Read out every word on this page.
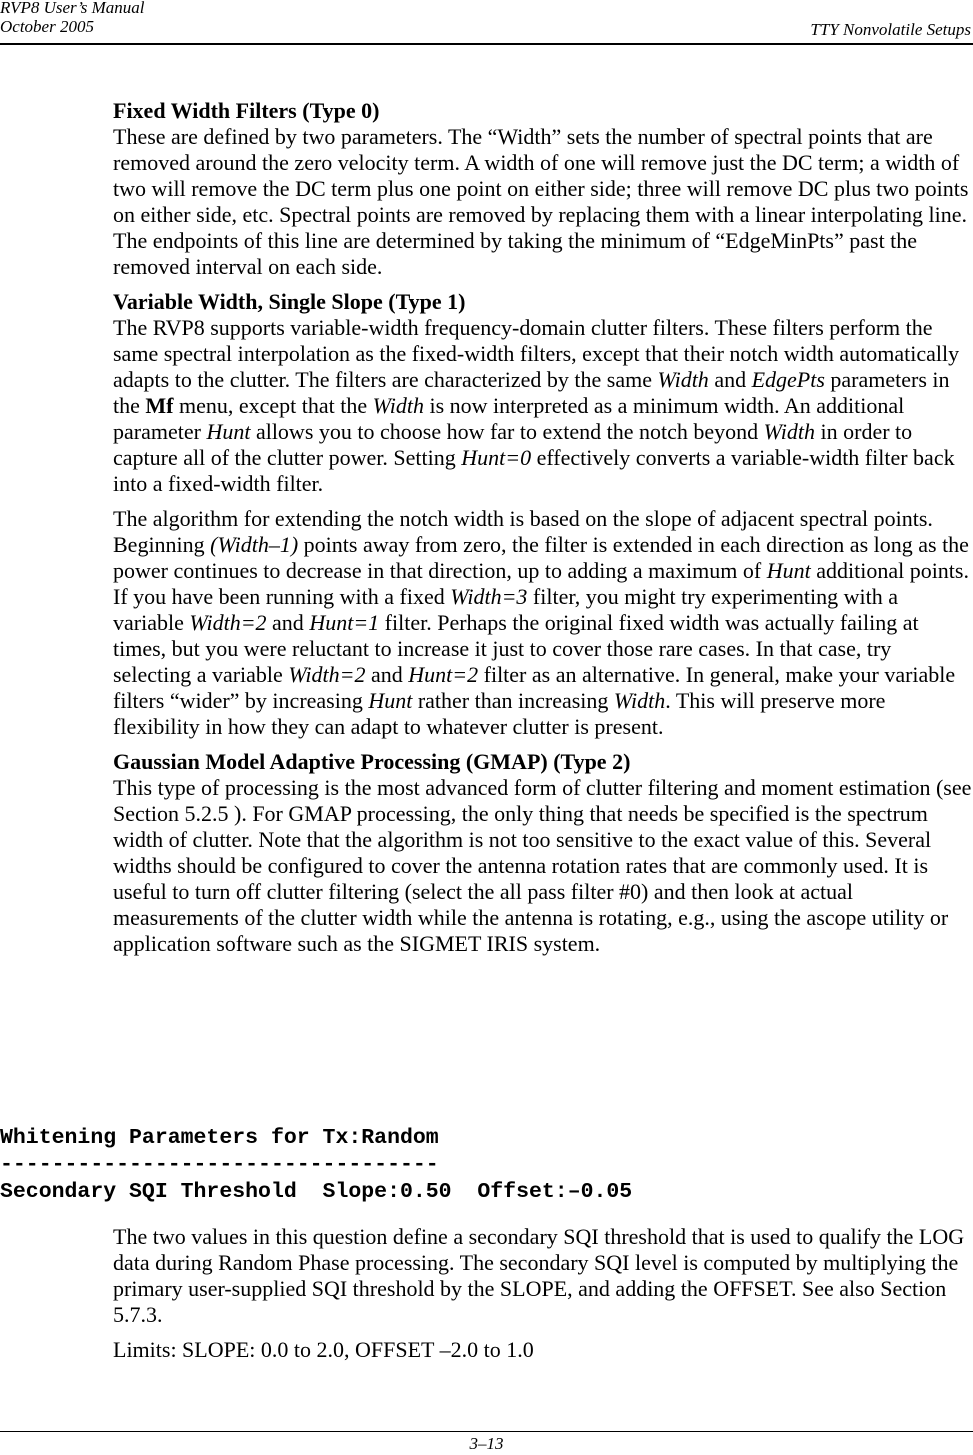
RVP8 User’s Manual
October 2005	TTY Nonvolatile Setups

Fixed Width Filters (Type 0)
These are defined by two parameters. The “Width” sets the number of spectral points that are removed around the zero velocity term. A width of one will remove just the DC term; a width of two will remove the DC term plus one point on either side; three will remove DC plus two points on either side, etc. Spectral points are removed by replacing them with a linear interpolating line. The endpoints of this line are determined by taking the minimum of “EdgeMinPts” past the removed interval on each side.

Variable Width, Single Slope (Type 1)
The RVP8 supports variable-width frequency-domain clutter filters. These filters perform the same spectral interpolation as the fixed-width filters, except that their notch width automatically adapts to the clutter. The filters are characterized by the same Width and EdgePts parameters in the Mf menu, except that the Width is now interpreted as a minimum width. An additional parameter Hunt allows you to choose how far to extend the notch beyond Width in order to capture all of the clutter power. Setting Hunt=0 effectively converts a variable-width filter back into a fixed-width filter.

The algorithm for extending the notch width is based on the slope of adjacent spectral points. Beginning (Width–1) points away from zero, the filter is extended in each direction as long as the power continues to decrease in that direction, up to adding a maximum of Hunt additional points. If you have been running with a fixed Width=3 filter, you might try experimenting with a variable Width=2 and Hunt=1 filter. Perhaps the original fixed width was actually failing at times, but you were reluctant to increase it just to cover those rare cases. In that case, try selecting a variable Width=2 and Hunt=2 filter as an alternative. In general, make your variable filters “wider” by increasing Hunt rather than increasing Width. This will preserve more flexibility in how they can adapt to whatever clutter is present.

Gaussian Model Adaptive Processing (GMAP) (Type 2)
This type of processing is the most advanced form of clutter filtering and moment estimation (see Section 5.2.5 ). For GMAP processing, the only thing that needs be specified is the spectrum width of clutter. Note that the algorithm is not too sensitive to the exact value of this. Several widths should be configured to cover the antenna rotation rates that are commonly used. It is useful to turn off clutter filtering (select the all pass filter #0) and then look at actual measurements of the clutter width while the antenna is rotating, e.g., using the ascope utility or application software such as the SIGMET IRIS system.

Whitening Parameters for Tx:Random
----------------------------------
Secondary SQI Threshold  Slope:0.50  Offset:–0.05

The two values in this question define a secondary SQI threshold that is used to qualify the LOG data during Random Phase processing. The secondary SQI level is computed by multiplying the primary user-supplied SQI threshold by the SLOPE, and adding the OFFSET. See also Section 5.7.3.

Limits: SLOPE: 0.0 to 2.0, OFFSET –2.0 to 1.0

3–13
